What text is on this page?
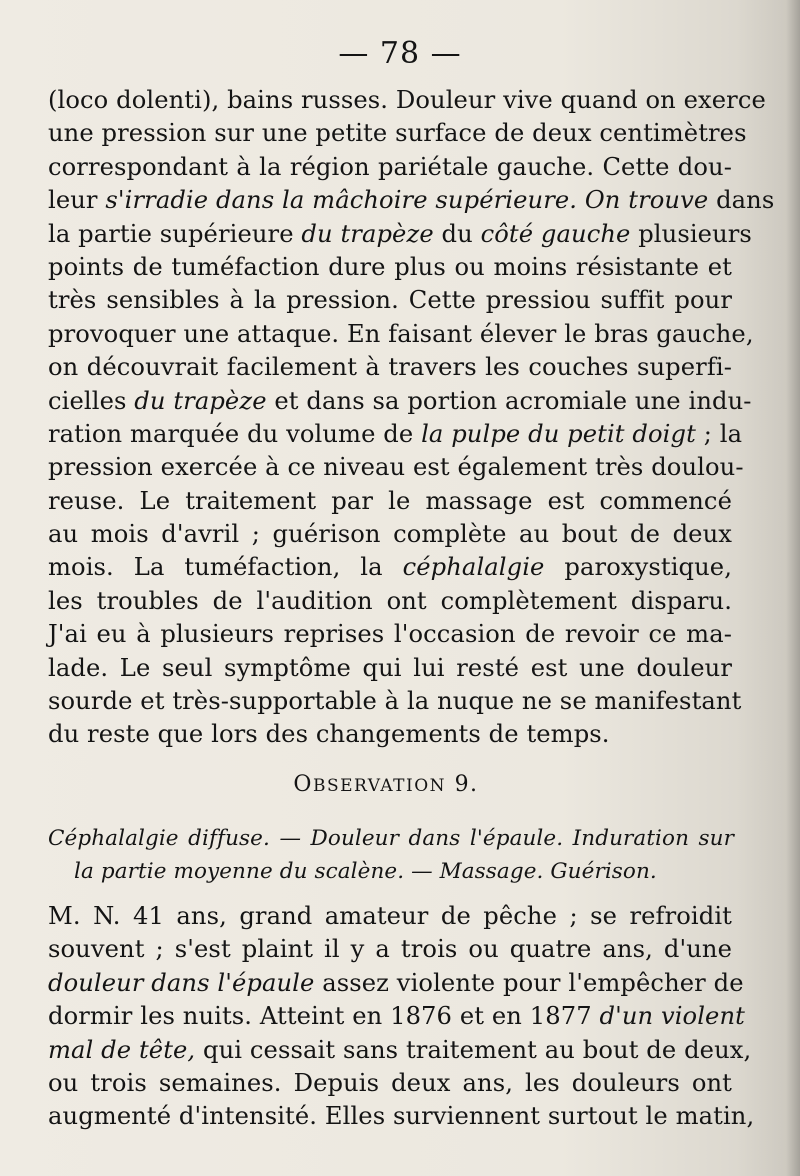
— 78 —
(loco dolenti), bains russes. Douleur vive quand on exerce
une pression sur une petite surface de deux centimètres
correspondant à la région pariétale gauche. Cette dou-
leur s'irradie dans la mâchoire supérieure. On trouve dans
la partie supérieure du trapèze du côté gauche plusieurs
points de tuméfaction dure plus ou moins résistante et
très sensibles à la pression. Cette pressiou suffit pour
provoquer une attaque. En faisant élever le bras gauche,
on découvrait facilement à travers les couches superfi-
cielles du trapèze et dans sa portion acromiale une indu-
ration marquée du volume de la pulpe du petit doigt ; la
pression exercée à ce niveau est également très doulou-
reuse. Le traitement par le massage est commencé
au mois d'avril ; guérison complète au bout de deux
mois. La tuméfaction, la céphalalgie paroxystique,
les troubles de l'audition ont complètement disparu.
J'ai eu à plusieurs reprises l'occasion de revoir ce ma-
lade. Le seul symptôme qui lui resté est une douleur
sourde et très-supportable à la nuque ne se manifestant
du reste que lors des changements de temps.
OBSERVATION 9.
Céphalalgie diffuse. — Douleur dans l'épaule. Induration sur
la partie moyenne du scalène. — Massage. Guérison.
M. N. 41 ans, grand amateur de pêche ; se refroidit
souvent ; s'est plaint il y a trois ou quatre ans, d'une
douleur dans l'épaule assez violente pour l'empêcher de
dormir les nuits. Atteint en 1876 et en 1877 d'un violent
mal de tête, qui cessait sans traitement au bout de deux,
ou trois semaines. Depuis deux ans, les douleurs ont
augmenté d'intensité. Elles surviennent surtout le matin,
